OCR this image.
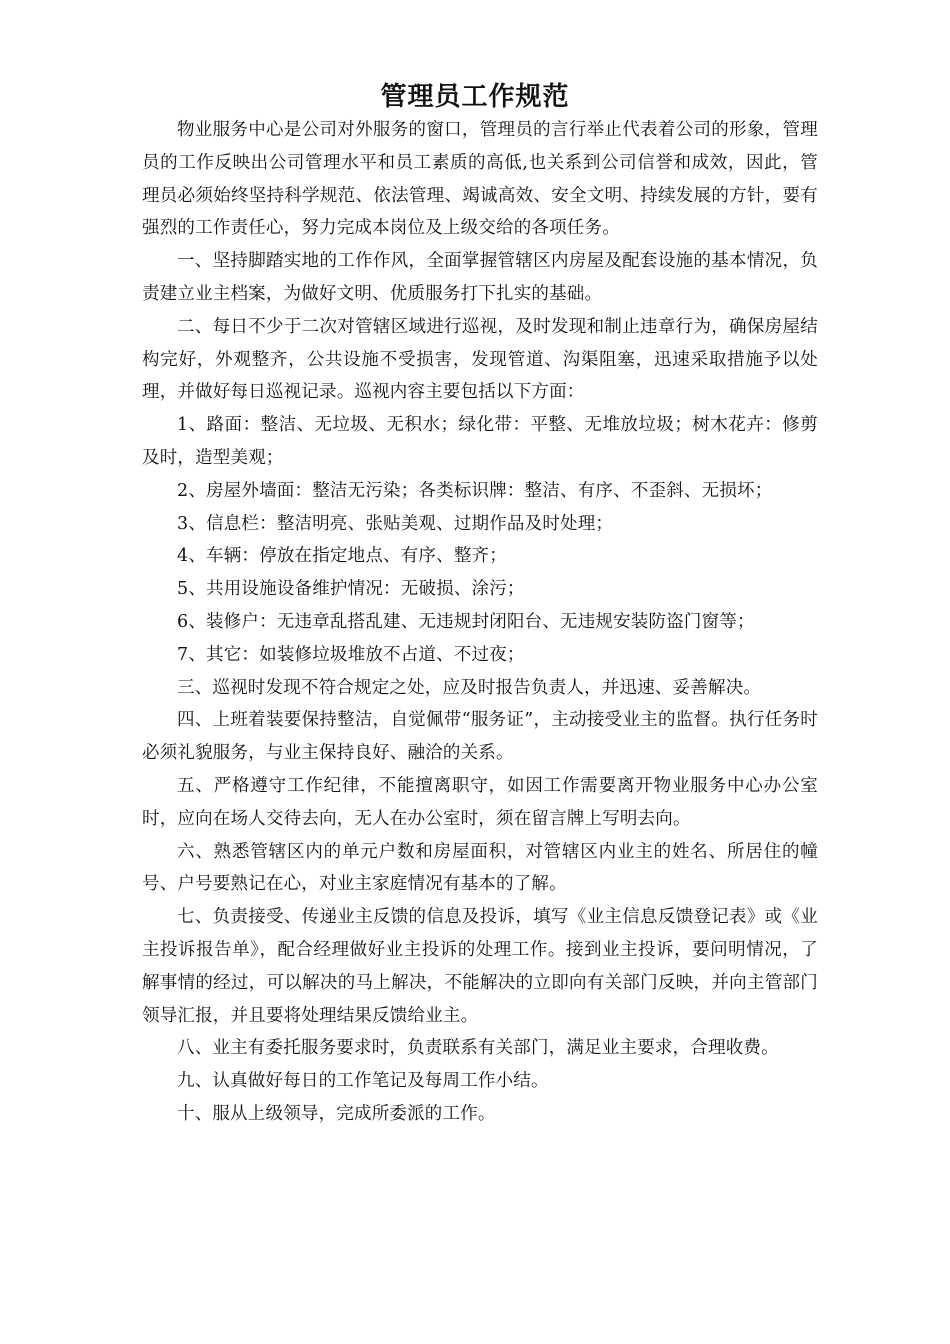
管理员工作规范

物业服务中心是公司对外服务的窗口，管理员的言行举止代表着公司的形象，管理员的工作反映出公司管理水平和员工素质的高低,也关系到公司信誉和成效，因此，管理员必须始终坚持科学规范、依法管理、竭诚高效、安全文明、持续发展的方针，要有强烈的工作责任心，努力完成本岗位及上级交给的各项任务。

一、坚持脚踏实地的工作作风，全面掌握管辖区内房屋及配套设施的基本情况，负责建立业主档案，为做好文明、优质服务打下扎实的基础。

二、每日不少于二次对管辖区域进行巡视，及时发现和制止违章行为，确保房屋结构完好，外观整齐，公共设施不受损害，发现管道、沟渠阻塞，迅速采取措施予以处理，并做好每日巡视记录。巡视内容主要包括以下方面：

1、路面：整洁、无垃圾、无积水；绿化带：平整、无堆放垃圾；树木花卉：修剪及时，造型美观；

2、房屋外墙面：整洁无污染；各类标识牌：整洁、有序、不歪斜、无损坏；

3、信息栏：整洁明亮、张贴美观、过期作品及时处理；

4、车辆：停放在指定地点、有序、整齐；

5、共用设施设备维护情况：无破损、涂污；

6、装修户：无违章乱搭乱建、无违规封闭阳台、无违规安装防盗门窗等；

7、其它：如装修垃圾堆放不占道、不过夜；

三、巡视时发现不符合规定之处，应及时报告负责人，并迅速、妥善解决。

四、上班着装要保持整洁，自觉佩带“服务证”，主动接受业主的监督。执行任务时必须礼貌服务，与业主保持良好、融洽的关系。

五、严格遵守工作纪律，不能擅离职守，如因工作需要离开物业服务中心办公室时，应向在场人交待去向，无人在办公室时，须在留言牌上写明去向。

六、熟悉管辖区内的单元户数和房屋面积，对管辖区内业主的姓名、所居住的幢号、户号要熟记在心，对业主家庭情况有基本的了解。

七、负责接受、传递业主反馈的信息及投诉，填写《业主信息反馈登记表》或《业主投诉报告单》，配合经理做好业主投诉的处理工作。接到业主投诉，要问明情况，了解事情的经过，可以解决的马上解决，不能解决的立即向有关部门反映，并向主管部门领导汇报，并且要将处理结果反馈给业主。

八、业主有委托服务要求时，负责联系有关部门，满足业主要求，合理收费。

九、认真做好每日的工作笔记及每周工作小结。

十、服从上级领导，完成所委派的工作。
